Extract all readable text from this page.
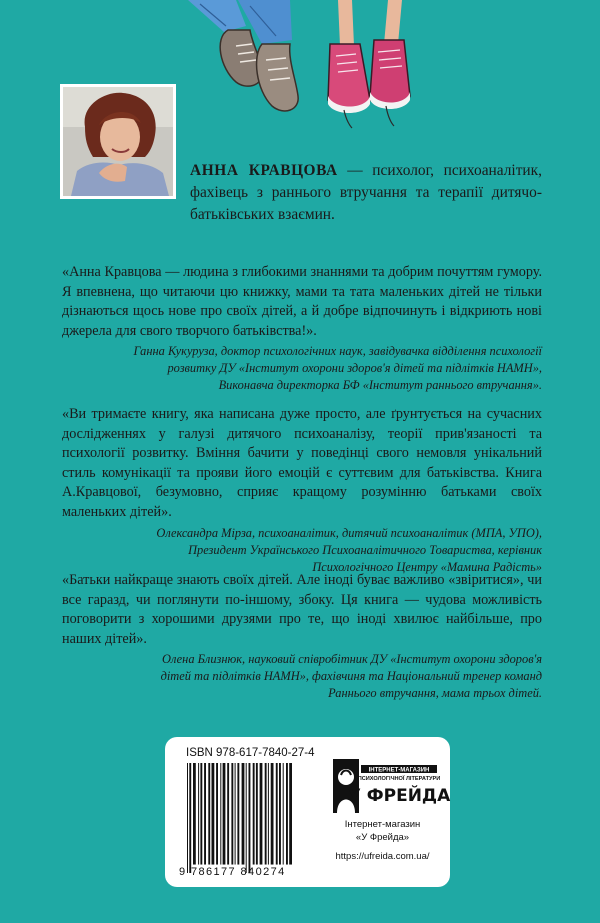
АННА КРАВЦОВА — психолог, психоаналітик, фахівець з раннього втручання та терапії дитячо-батьківських взаємин.
«Анна Кравцова — людина з глибокими знаннями та добрим почуттям гумору. Я впевнена, що читаючи цю книжку, мами та тата маленьких дітей не тільки дізнаються щось нове про своїх дітей, а й добре відпочинуть і відкриють нові джерела для свого творчого батьківства!».
Ганна Кукуруза, доктор психологічних наук, завідувачка відділення психології
розвитку ДУ «Інститут охорони здоров'я дітей та підлітків НАМН»,
Виконавча директорка БФ «Інститут раннього втручання».
«Ви тримаєте книгу, яка написана дуже просто, але ґрунтується на сучасних дослідженнях у галузі дитячого психоаналізу, теорії прив'язаності та психології розвитку. Вміння бачити у поведінці свого немовля унікальний стиль комунікації та прояви його емоцій є суттєвим для батьківства. Книга А.Кравцової, безумовно, сприяє кращому розумінню батьками своїх маленьких дітей».
Олександра Мірза, психоаналітик, дитячий психоаналітик (МПА, УПО),
Президент Українського Психоаналітичного Товариства, керівник
Психологічного Центру «Мамина Радість»
«Батьки найкраще знають своїх дітей. Але іноді буває важливо «звіритися», чи все гаразд, чи поглянути по-іншому, збоку. Ця книга — чудова можливість поговорити з хорошими друзями про те, що іноді хвилює найбільше, про наших дітей».
Олена Близнюк, науковий співробітник ДУ «Інститут охорони здоров'я
дітей та підлітків НАМН», фахівчиня та Національний тренер команд
Раннього втручання, мама трьох дітей.
ISBN 978-617-7840-27-4
9 786177 840274
ІНТЕРНЕТ-МАГАЗИН
ПСИХОЛОГІЧНОЇ ЛІТЕРАТУРИ
У ФРЕЙДА
Інтернет-магазин
«У Фрейда»
https://ufreida.com.ua/
